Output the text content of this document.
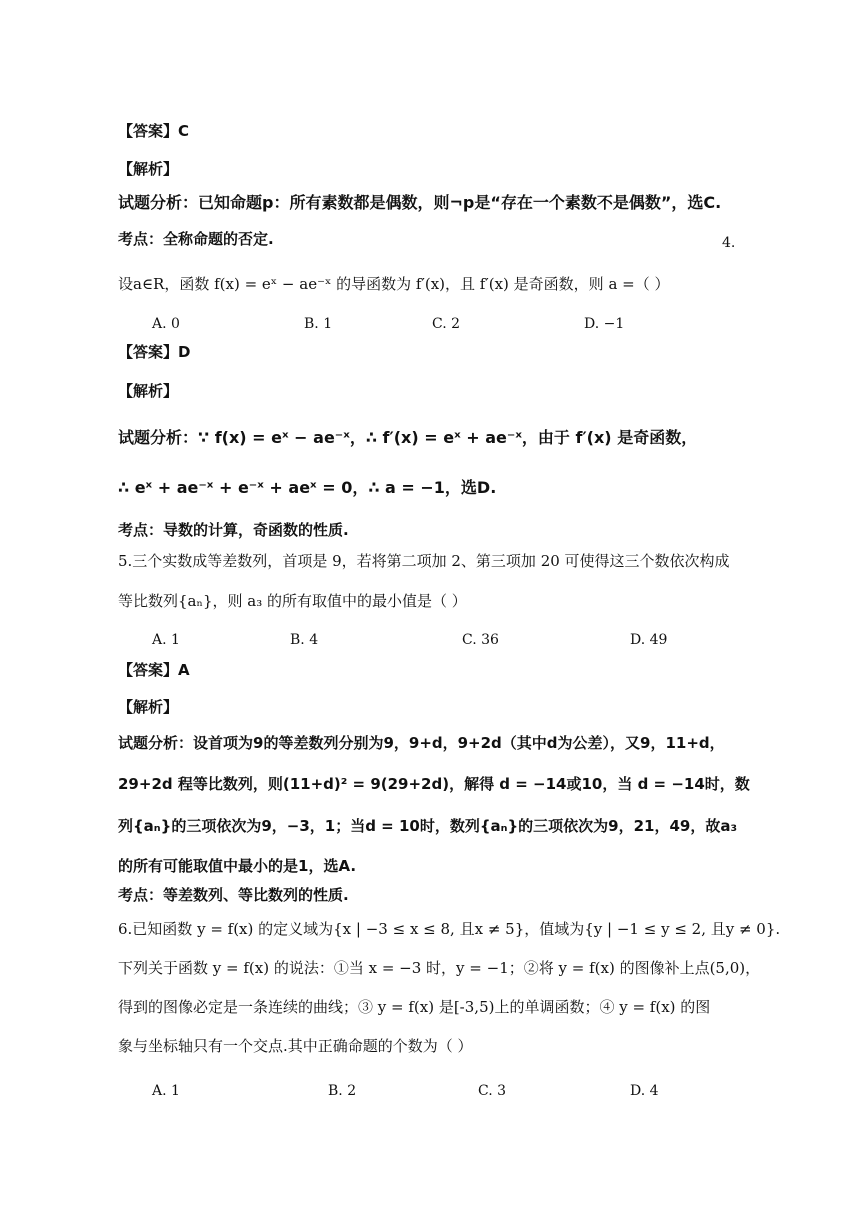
【答案】C
【解析】
试题分析：已知命题p：所有素数都是偶数，则¬p是“存在一个素数不是偶数”，选C.
考点：全称命题的否定.	4.
设a∈R，函数 f(x) = eˣ − ae⁻ˣ 的导函数为 f′(x)，且 f′(x) 是奇函数，则 a =（ ）
A. 0	B. 1	C. 2	D. −1
【答案】D
【解析】
试题分析：∵ f(x) = eˣ − ae⁻ˣ，∴ f′(x) = eˣ + ae⁻ˣ，由于 f′(x) 是奇函数，
∴ eˣ + ae⁻ˣ + e⁻ˣ + aeˣ = 0，∴ a = −1，选D.
考点：导数的计算，奇函数的性质.
5.三个实数成等差数列，首项是 9，若将第二项加 2、第三项加 20 可使得这三个数依次构成
等比数列{aₙ}，则 a₃ 的所有取值中的最小值是（ ）
A. 1	B. 4	C. 36	D. 49
【答案】A
【解析】
试题分析：设首项为9的等差数列分别为9，9+d，9+2d（其中d为公差），又9，11+d，
29+2d 程等比数列，则(11+d)² = 9(29+2d)，解得 d = −14或10，当 d = −14时，数
列{aₙ}的三项依次为9，−3，1；当d = 10时，数列{aₙ}的三项依次为9，21，49，故a₃
的所有可能取值中最小的是1，选A.
考点：等差数列、等比数列的性质.
6.已知函数 y = f(x) 的定义域为{x | −3 ≤ x ≤ 8, 且x ≠ 5}，值域为{y | −1 ≤ y ≤ 2, 且y ≠ 0}.
下列关于函数 y = f(x) 的说法：①当 x = −3 时，y = −1；②将 y = f(x) 的图像补上点(5,0)，
得到的图像必定是一条连续的曲线；③ y = f(x) 是[-3,5)上的单调函数；④ y = f(x) 的图
象与坐标轴只有一个交点.其中正确命题的个数为（ ）
A. 1	B. 2	C. 3	D. 4
